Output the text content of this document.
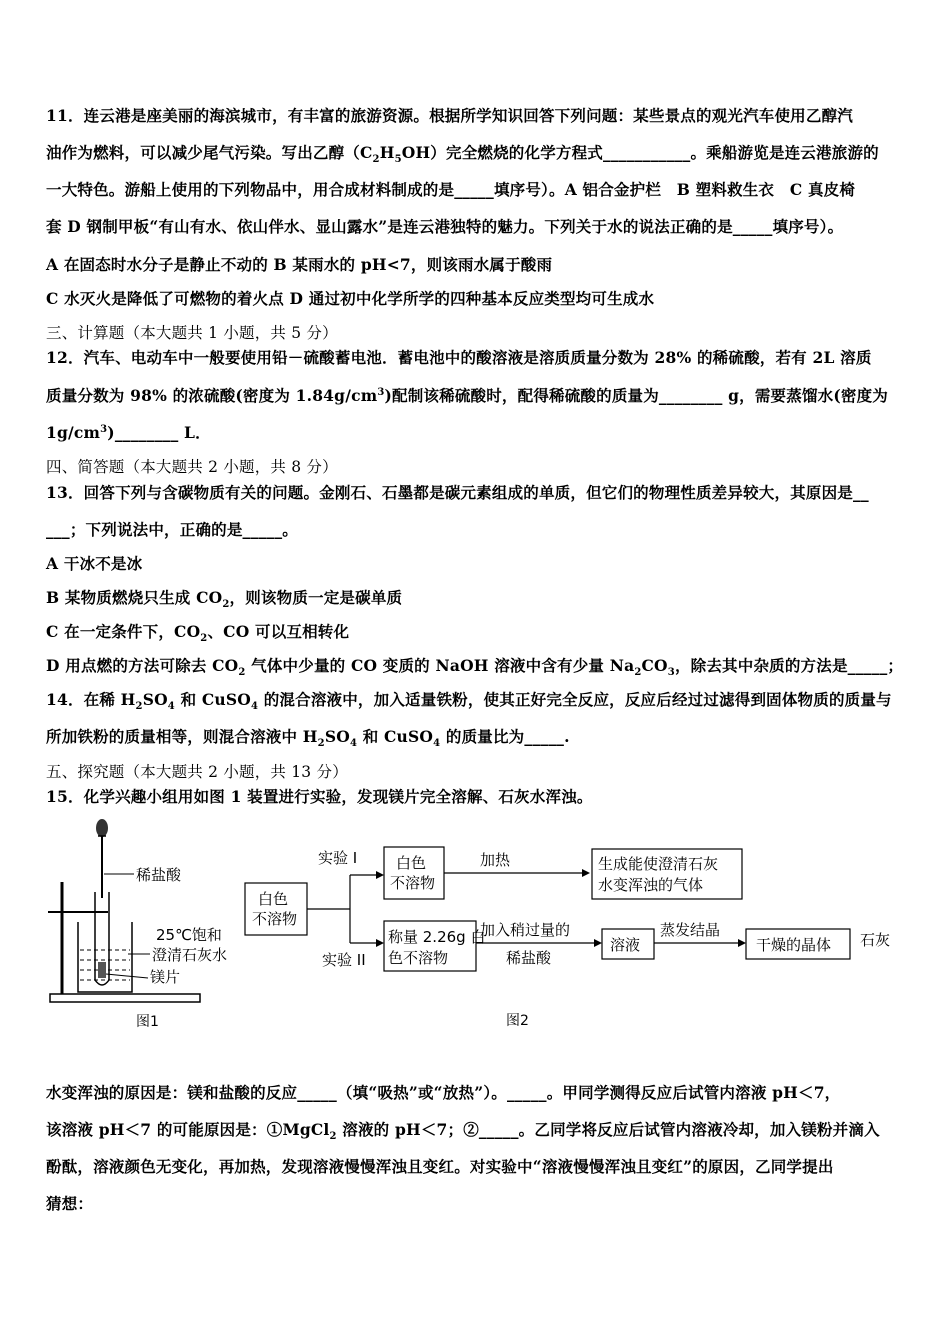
11．连云港是座美丽的海滨城市，有丰富的旅游资源。根据所学知识回答下列问题：某些景点的观光汽车使用乙醇汽
油作为燃料，可以减少尾气污染。写出乙醇$(C_2H_5OH)$完全燃烧的化学方程式___________。乘船游览是连云港旅游的
一大特色。游船上使用的下列物品中，用合成材料制成的是_____填序号）。A 铝合金护栏　B 塑料救生衣　C 真皮椅
套 D 钢制甲板“有山有水、依山伴水、显山露水”是连云港独特的魅力。下列关于水的说法正确的是_____填序号）。
A 在固态时水分子是静止不动的 B 某雨水的 pH<7，则该雨水属于酸雨
C 水灭火是降低了可燃物的着火点 D 通过初中化学所学的四种基本反应类型均可生成水
三、计算题（本大题共 1 小题，共 5 分）
12．汽车、电动车中一般要使用铅－硫酸蓄电池．蓄电池中的酸溶液是溶质质量分数为 28% 的稀硫酸，若有 2L 溶质
质量分数为 98% 的浓硫酸(密度为 $1.84g/cm^3$)配制该稀硫酸时，配得稀硫酸的质量为________ g，需要蒸馏水(密度为
$1g/cm^3)\_\_\_\_\_\_\_\_$ L．
四、简答题（本大题共 2 小题，共 8 分）
13．回答下列与含碳物质有关的问题。金刚石、石墨都是碳元素组成的单质，但它们的物理性质差异较大，其原因是__
___；下列说法中，正确的是_____。
A 干冰不是冰
B 某物质燃烧只生成 $CO_2$，则该物质一定是碳单质
C 在一定条件下，$CO_2$、CO 可以互相转化
D 用点燃的方法可除去 $CO_2$ 气体中少量的 CO 变质的 NaOH 溶液中含有少量 $Na_2CO_3$，除去其中杂质的方法是_____；
14．在稀 $H_2SO_4$ 和 CuSO$_4$ 的混合溶液中，加入适量铁粉，使其正好完全反应，反应后经过过滤得到固体物质的质量与
所加铁粉的质量相等，则混合溶液中 $H_2SO_4$ 和 CuSO$_4$ 的质量比为_____.
五、探究题（本大题共 2 小题，共 13 分）
15．化学兴趣小组用如图 1 装置进行实验，发现镁片完全溶解、石灰水浑浊。
稀盐酸
25℃饱和
澄清石灰水
镁片
图1
白色
不溶物
实验 I
实验 II
白色
不溶物
加热	生成能使澄清石灰
水变浑浊的气体
称量 2.26g 白
色不溶物
加入稍过量的
稀盐酸
溶液
蒸发结晶
干燥的晶体 石灰
图2
水变浑浊的原因是：镁和盐酸的反应_____（填“吸热”或“放热”）。_____。甲同学测得反应后试管内溶液 pH＜7，
该溶液 pH＜7 的可能原因是：①MgCl$_2$ 溶液的 pH＜7；②_____。乙同学将反应后试管内溶液冷却，加入镁粉并滴入
酚酞，溶液颜色无变化，再加热，发现溶液慢慢浑浊且变红。对实验中“溶液慢慢浑浊且变红”的原因，乙同学提出
猜想：
